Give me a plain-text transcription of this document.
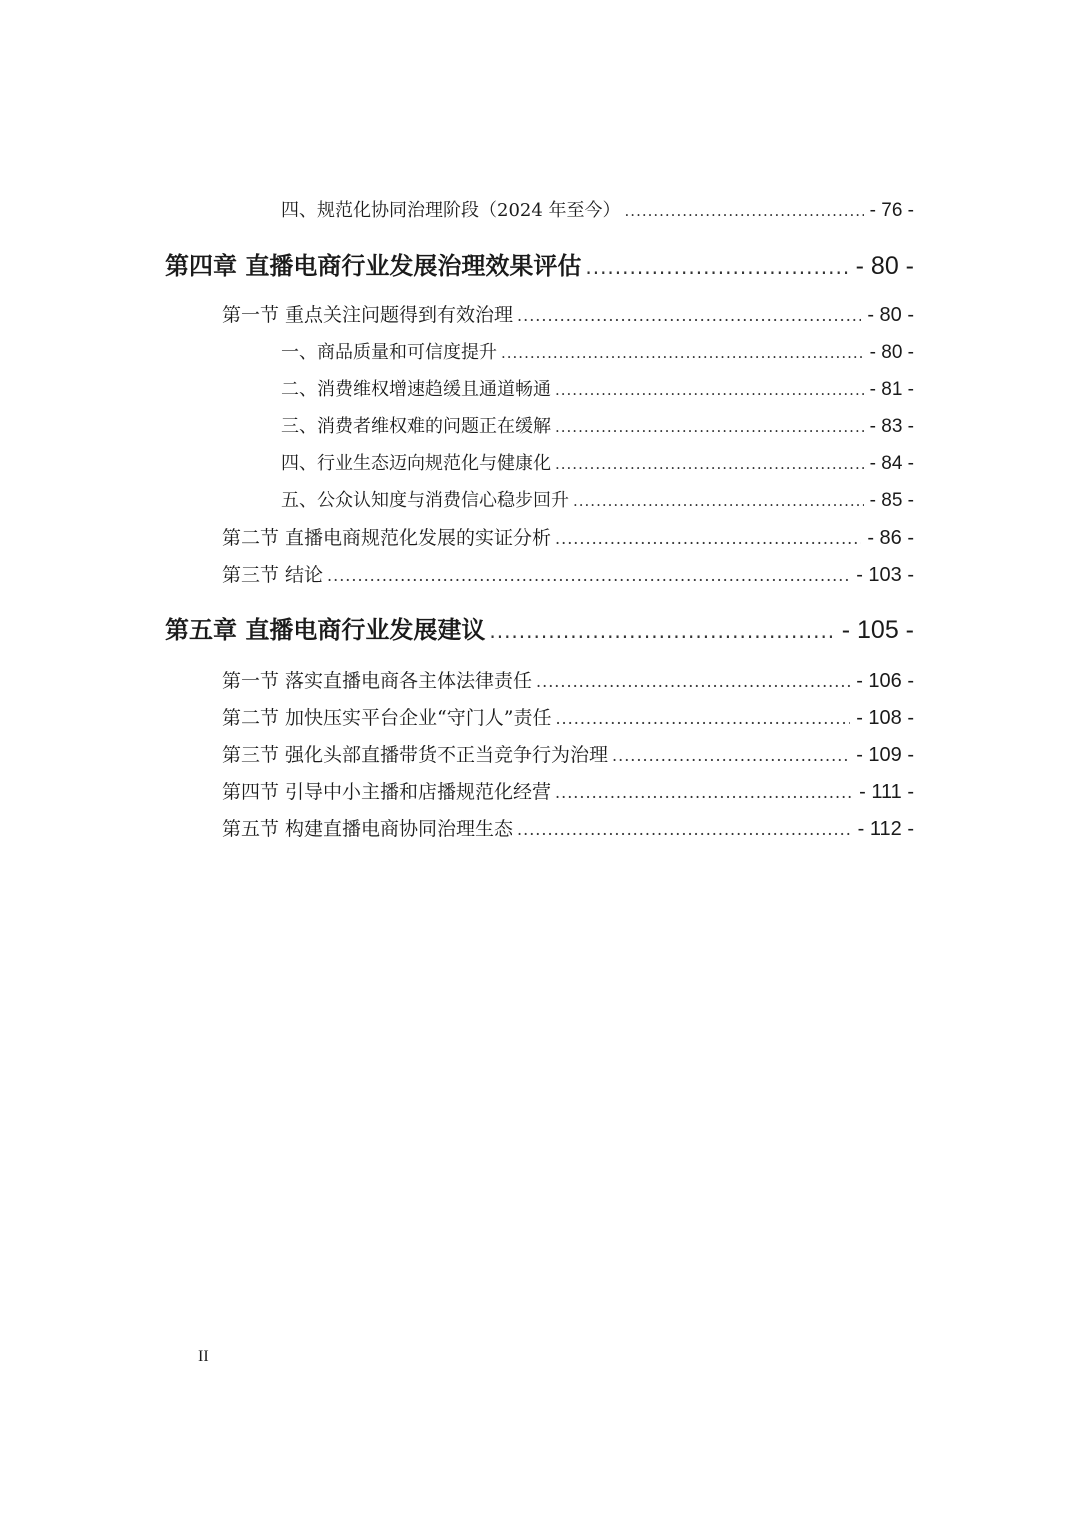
四、规范化协同治理阶段（2024 年至今） .....	- 76 -
第四章 直播电商行业发展治理效果评估 .....	- 80 -
第一节 重点关注问题得到有效治理 .....	- 80 -
一、商品质量和可信度提升 .....	- 80 -
二、消费维权增速趋缓且通道畅通 .....	- 81 -
三、消费者维权难的问题正在缓解 .....	- 83 -
四、行业生态迈向规范化与健康化 .....	- 84 -
五、公众认知度与消费信心稳步回升 .....	- 85 -
第二节 直播电商规范化发展的实证分析 .....	- 86 -
第三节 结论 .....	- 103 -
第五章 直播电商行业发展建议 .....	- 105 -
第一节 落实直播电商各主体法律责任 .....	- 106 -
第二节 加快压实平台企业“守门人”责任 .....	- 108 -
第三节 强化头部直播带货不正当竞争行为治理 .....	- 109 -
第四节 引导中小主播和店播规范化经营 .....	- 111 -
第五节 构建直播电商协同治理生态 .....	- 112 -
II
